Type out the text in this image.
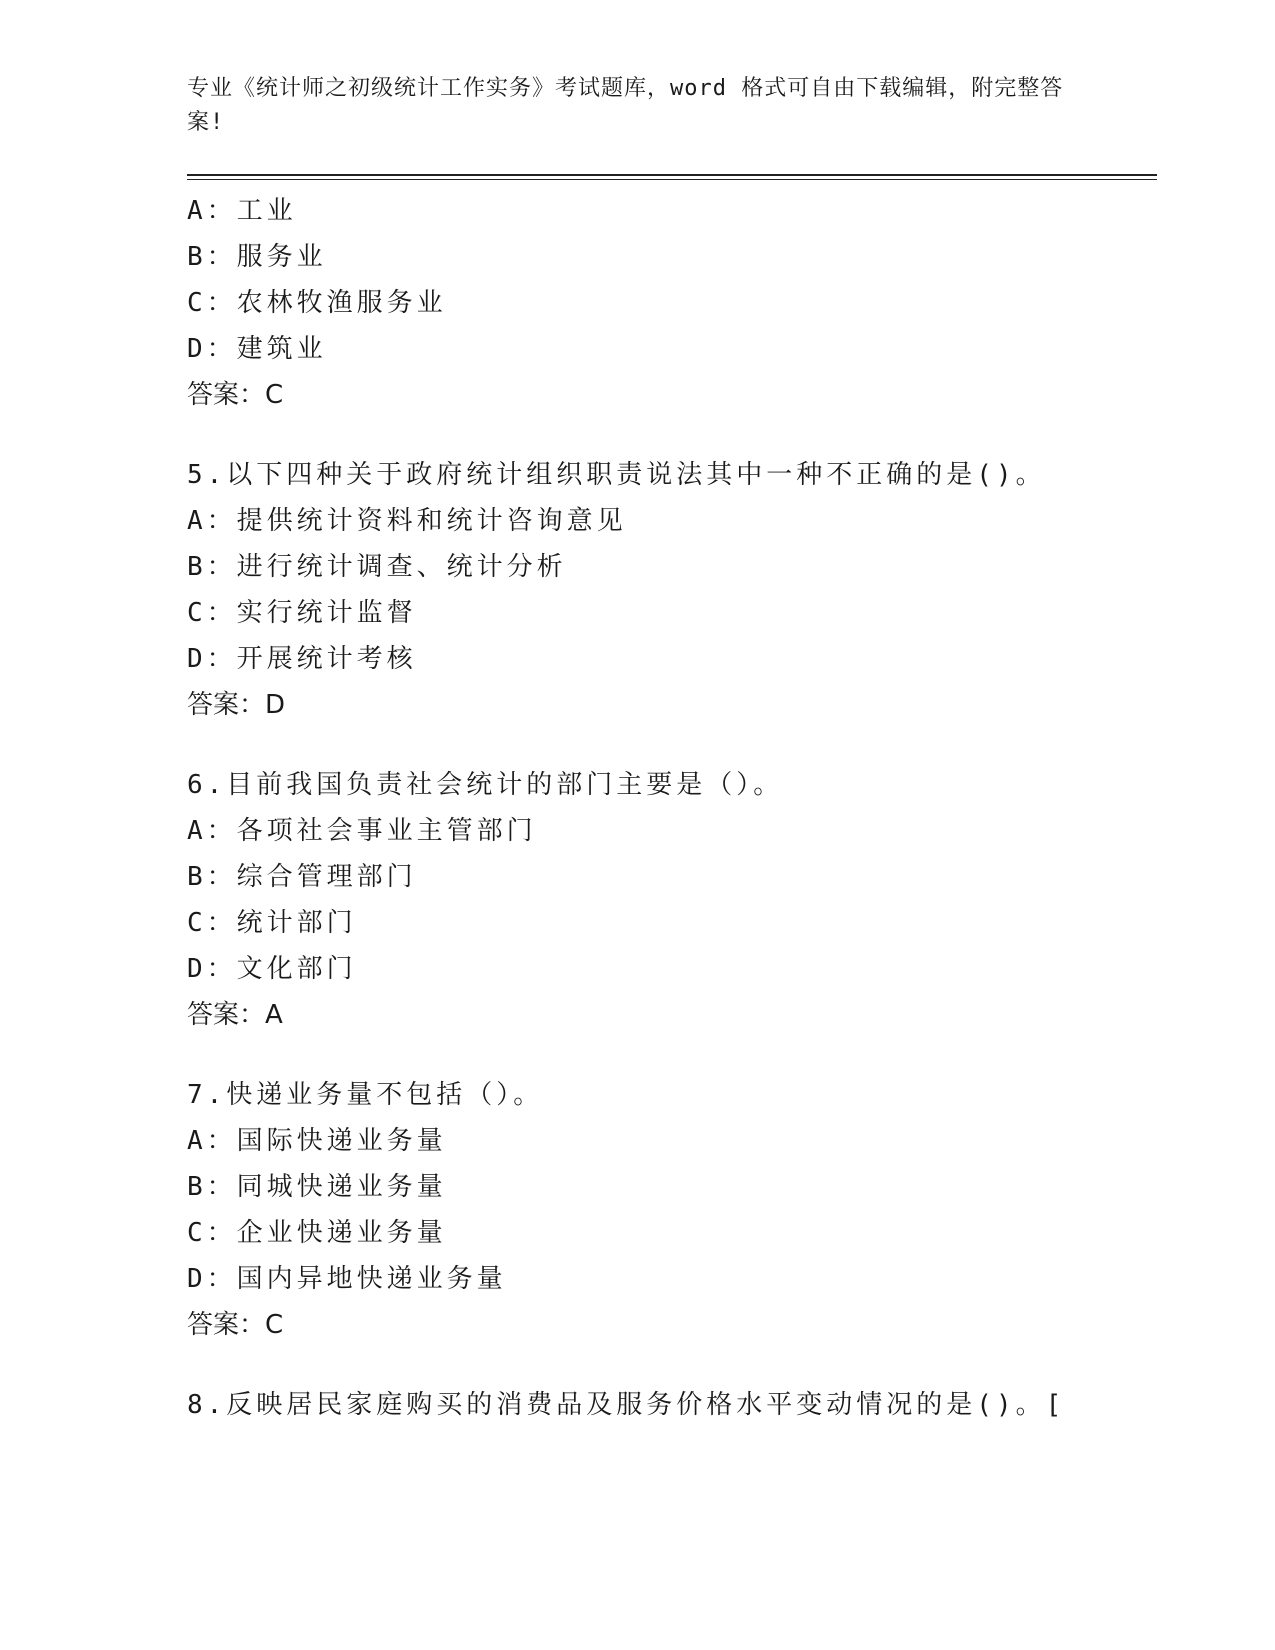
专业《统计师之初级统计工作实务》考试题库，word 格式可自由下载编辑，附完整答案!

A：工业

B：服务业

C：农林牧渔服务业

D：建筑业

答案：C

5.以下四种关于政府统计组织职责说法其中一种不正确的是()。

A：提供统计资料和统计咨询意见

B：进行统计调查、统计分析

C：实行统计监督

D：开展统计考核

答案：D

6.目前我国负责社会统计的部门主要是（）。

A：各项社会事业主管部门

B：综合管理部门

C：统计部门

D：文化部门

答案：A

7.快递业务量不包括（）。

A：国际快递业务量

B：同城快递业务量

C：企业快递业务量

D：国内异地快递业务量

答案：C

8.反映居民家庭购买的消费品及服务价格水平变动情况的是()。[
